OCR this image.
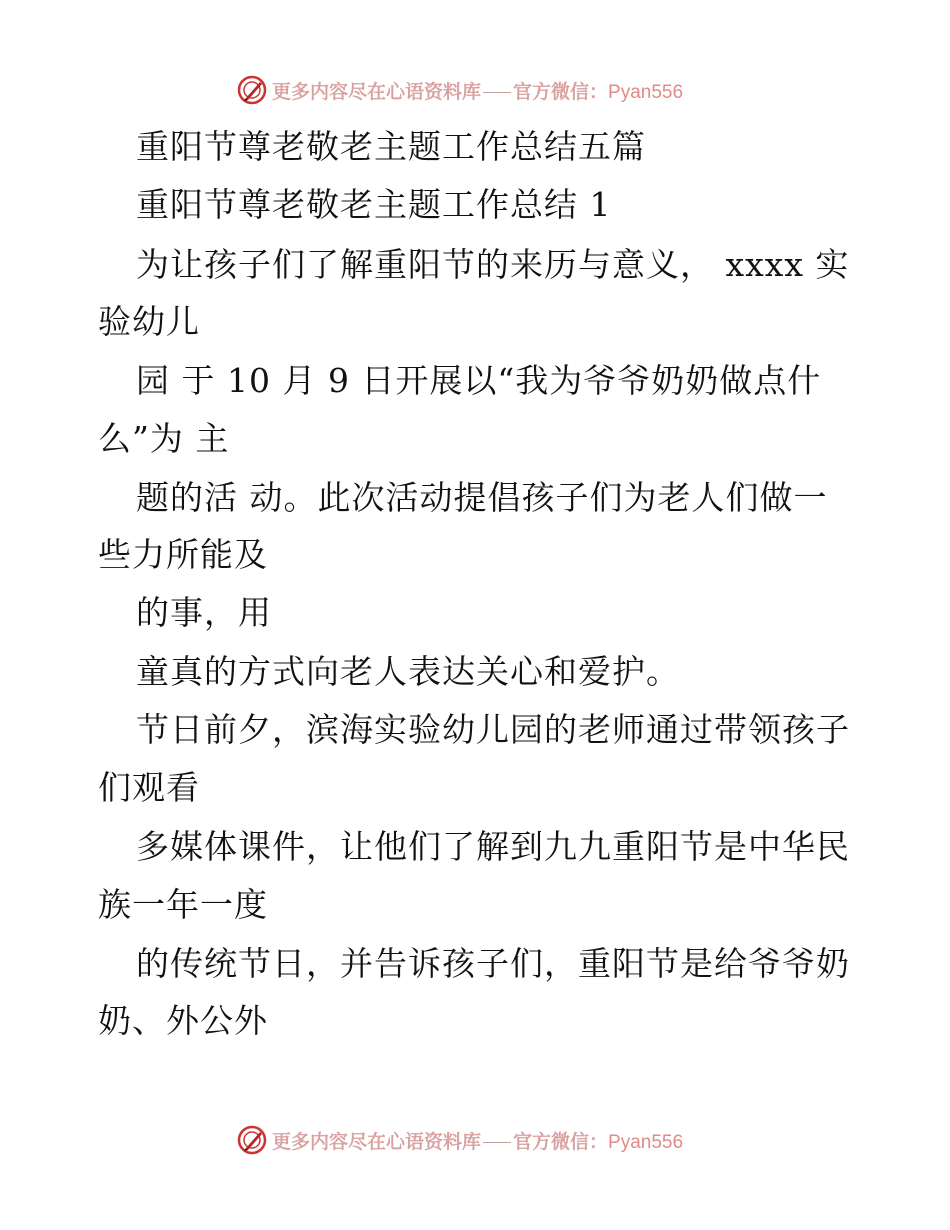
更多内容尽在心语资料库 官方微信：Pyan556
重阳节尊老敬老主题工作总结五篇
重阳节尊老敬老主题工作总结 1
为让孩子们了解重阳节的来历与意义， xxxx 实
验幼儿
园 于 10 月 9 日开展以“我为爷爷奶奶做点什
么”为 主
题的活 动。此次活动提倡孩子们为老人们做一
些力所能及
的事，用
童真的方式向老人表达关心和爱护。
节日前夕，滨海实验幼儿园的老师通过带领孩子
们观看
多媒体课件，让他们了解到九九重阳节是中华民
族一年一度
的传统节日，并告诉孩子们，重阳节是给爷爷奶
奶、外公外
更多内容尽在心语资料库 官方微信：Pyan556
